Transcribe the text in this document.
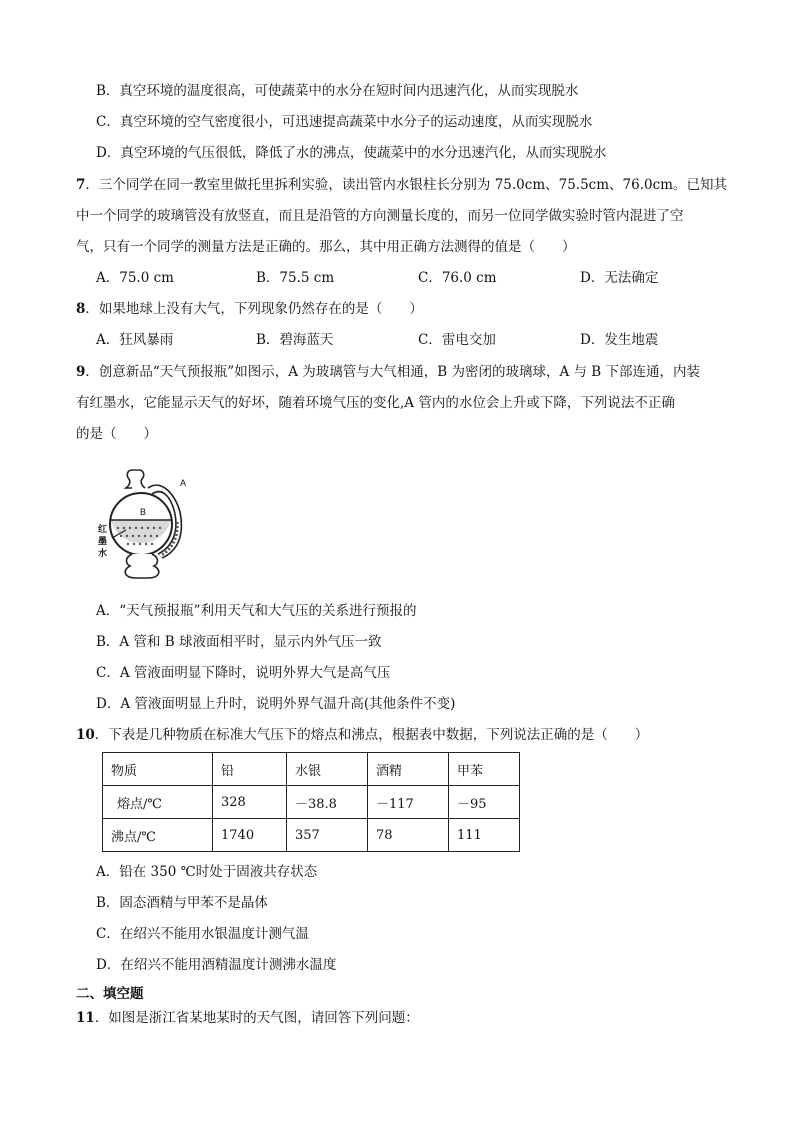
B．真空环境的温度很高，可使蔬菜中的水分在短时间内迅速汽化，从而实现脱水
C．真空环境的空气密度很小，可迅速提高蔬菜中水分子的运动速度，从而实现脱水
D．真空环境的气压很低，降低了水的沸点，使蔬菜中的水分迅速汽化，从而实现脱水
7．三个同学在同一教室里做托里拆利实验，读出管内水银柱长分别为 75.0cm、75.5cm、76.0cm。已知其
中一个同学的玻璃管没有放竖直，而且是沿管的方向测量长度的，而另一位同学做实验时管内混进了空
气，只有一个同学的测量方法是正确的。那么，其中用正确方法测得的值是（　　）
A．75.0 cm	B．75.5 cm	C．76.0 cm	D．无法确定
8．如果地球上没有大气，下列现象仍然存在的是（　　）
A．狂风暴雨	B．碧海蓝天	C．雷电交加	D．发生地震
9．创意新品“天气预报瓶”如图示，A 为玻璃管与大气相通，B 为密闭的玻璃球，A 与 B 下部连通，内装
有红墨水，它能显示天气的好坏，随着环境气压的变化,A 管内的水位会上升或下降，下列说法不正确
的是（　　）
A
B
红
墨
水
A．“天气预报瓶”利用天气和大气压的关系进行预报的
B．A 管和 B 球液面相平时，显示内外气压一致
C．A 管液面明显下降时，说明外界大气是高气压
D．A 管液面明显上升时，说明外界气温升高(其他条件不变)
10．下表是几种物质在标准大气压下的熔点和沸点，根据表中数据，下列说法正确的是（　　）
物质	铅	水银	酒精	甲苯
熔点/℃	328	－38.8	－117	－95
沸点/℃	1740	357	78	111
A．铅在 350 ℃时处于固液共存状态
B．固态酒精与甲苯不是晶体
C．在绍兴不能用水银温度计测气温
D．在绍兴不能用酒精温度计测沸水温度
二、填空题
11．如图是浙江省某地某时的天气图，请回答下列问题：
